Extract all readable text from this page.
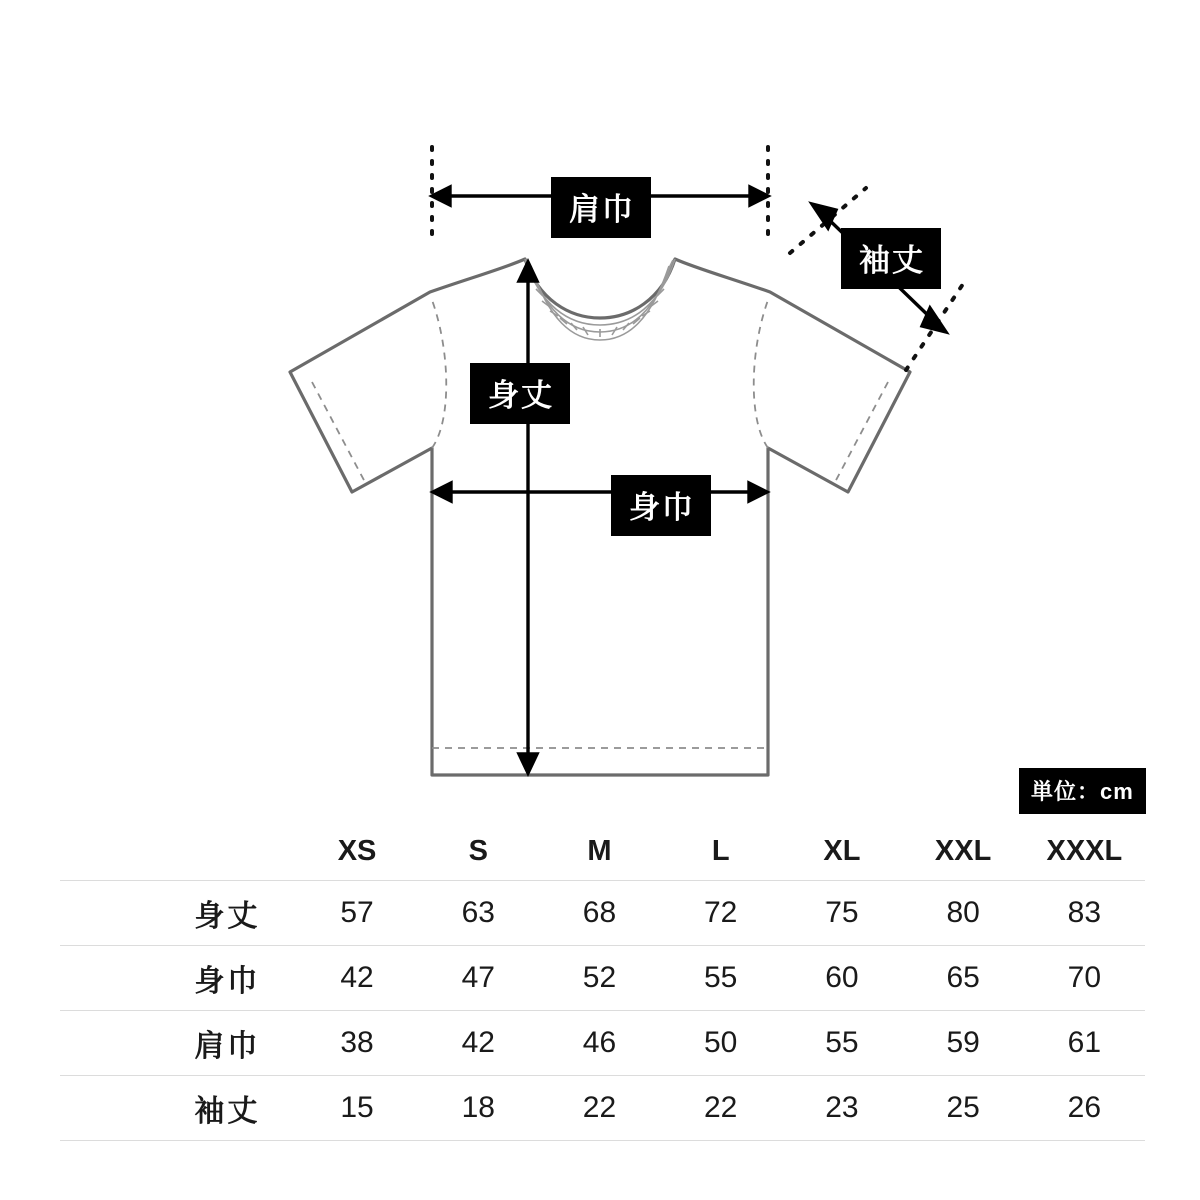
肩巾
袖丈
身丈
身巾
単位：cm
	XS	S	M	L	XL	XXL	XXXL
身丈	57	63	68	72	75	80	83
身巾	42	47	52	55	60	65	70
肩巾	38	42	46	50	55	59	61
袖丈	15	18	22	22	23	25	26
